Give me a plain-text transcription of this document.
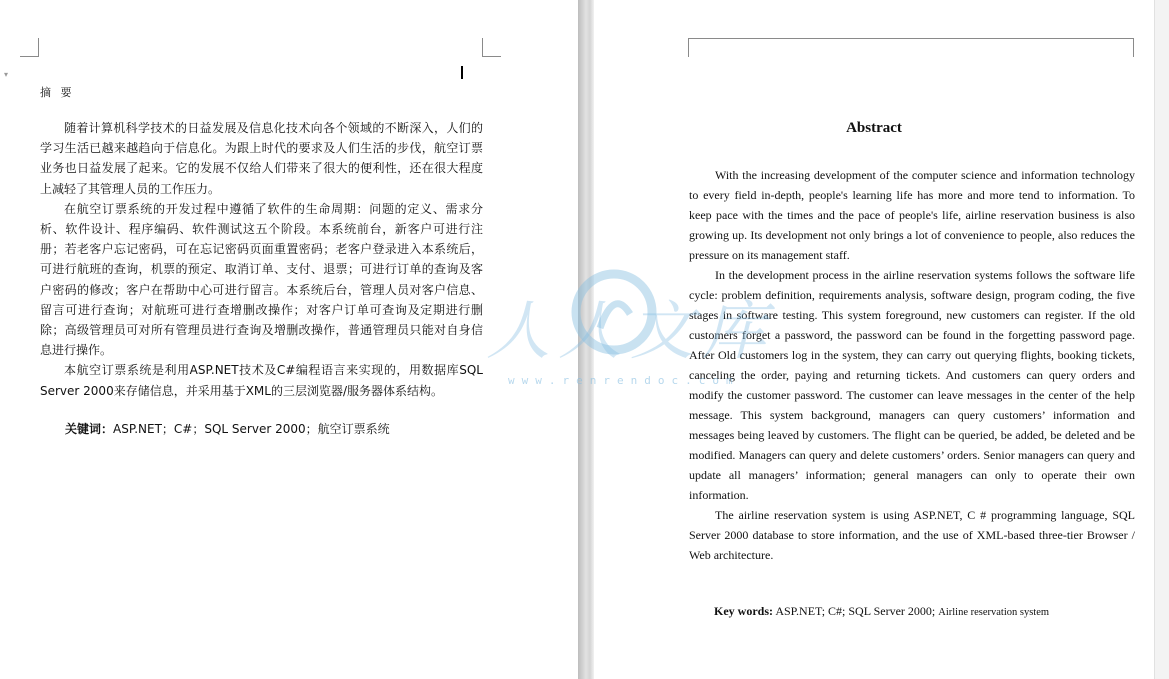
▾
摘 要

随着计算机科学技术的日益发展及信息化技术向各个领域的不断深入，人们的学习生活已越来越趋向于信息化。为跟上时代的要求及人们生活的步伐，航空订票业务也日益发展了起来。它的发展不仅给人们带来了很大的便利性，还在很大程度上减轻了其管理人员的工作压力。

在航空订票系统的开发过程中遵循了软件的生命周期：问题的定义、需求分析、软件设计、程序编码、软件测试这五个阶段。本系统前台，新客户可进行注册；若老客户忘记密码，可在忘记密码页面重置密码；老客户登录进入本系统后，可进行航班的查询，机票的预定、取消订单、支付、退票；可进行订单的查询及客户密码的修改；客户在帮助中心可进行留言。本系统后台，管理人员对客户信息、留言可进行查询；对航班可进行查增删改操作；对客户订单可查询及定期进行删除；高级管理员可对所有管理员进行查询及增删改操作，普通管理员只能对自身信息进行操作。

本航空订票系统是利用ASP.NET技术及C#编程语言来实现的，用数据库SQL Server 2000来存储信息，并采用基于XML的三层浏览器/服务器体系结构。

关键词：ASP.NET；C#；SQL Server 2000；航空订票系统
Abstract

With the increasing development of the computer science and information technology to every field in-depth, people's learning life has more and more tend to information. To keep pace with the times and the pace of people's life, airline reservation business is also growing up. Its development not only brings a lot of convenience to people, also reduces the pressure on its management staff.

In the development process in the airline reservation systems follows the software life cycle: problem definition, requirements analysis, software design, program coding, the five stages in software testing. This system foreground, new customers can register. If the old customers forget a password, the password can be found in the forgetting password page. After Old customers log in the system, they can carry out querying flights, booking tickets, canceling the order, paying and returning tickets. And customers can query orders and modify the customer password. The customer can leave messages in the center of the help message. This system background, managers can query customers’ information and messages being leaved by customers. The flight can be queried, be added, be deleted and be modified. Managers can query and delete customers’ orders. Senior managers can query and update all managers’ information; general managers can only to operate their own information.

The airline reservation system is using ASP.NET, C # programming language, SQL Server 2000 database to store information, and the use of XML-based three-tier Browser / Web architecture.

Key words: ASP.NET; C#; SQL Server 2000; Airline reservation system
人人文库
www.renrendoc.com
